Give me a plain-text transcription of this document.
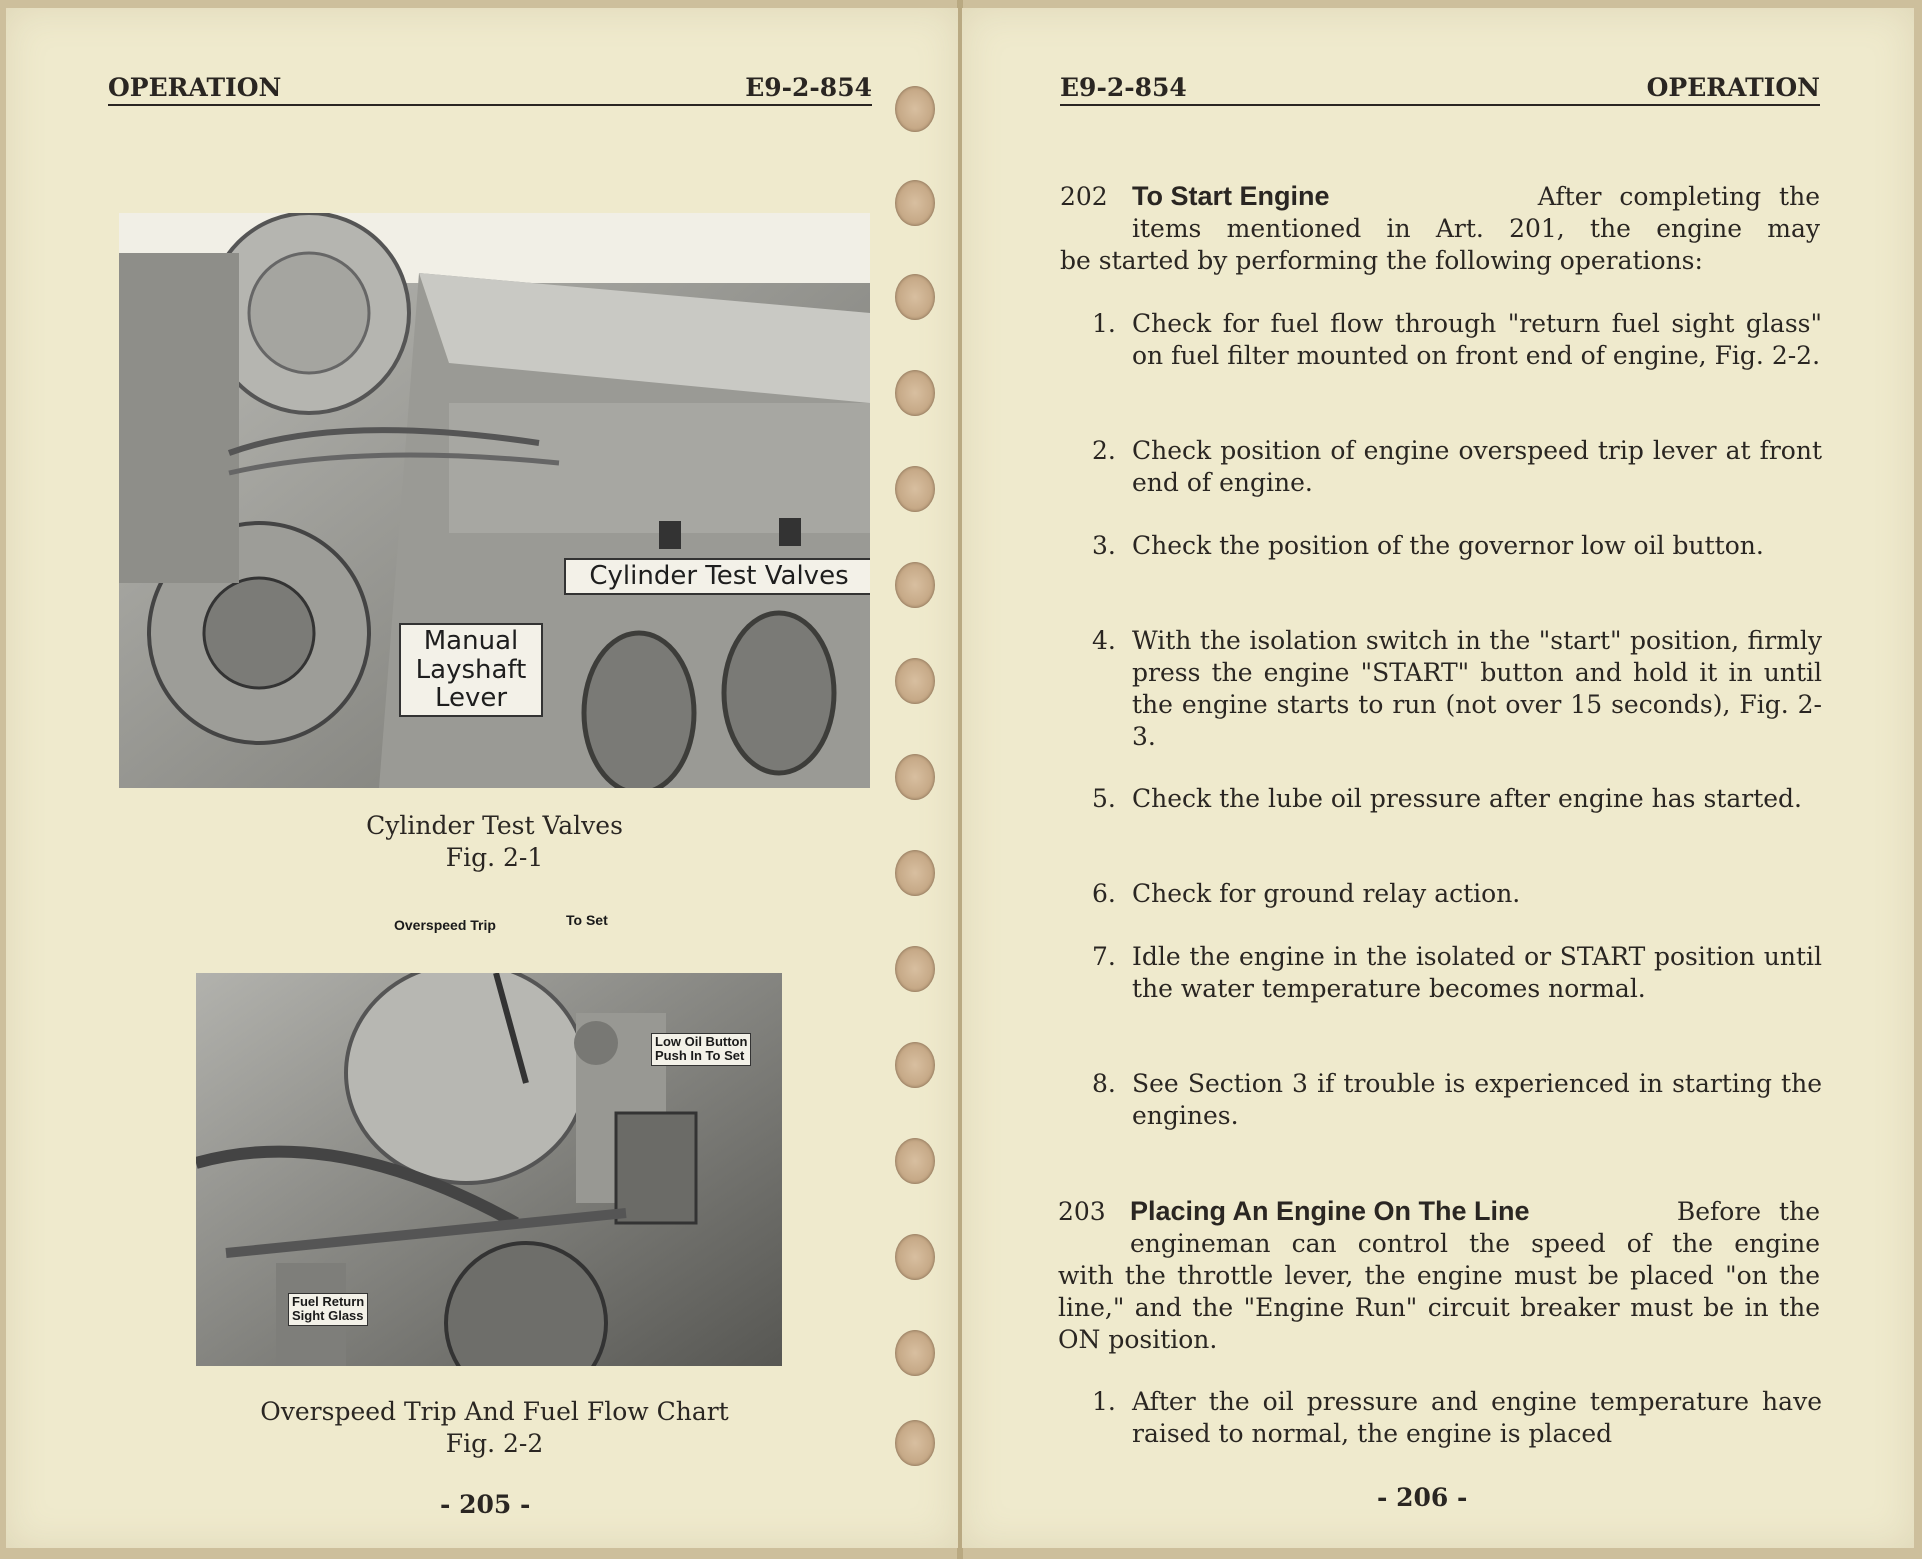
OPERATION	E9-2-854
Cylinder Test Valves
Manual
Layshaft
Lever
Cylinder Test Valves
Fig. 2-1
Overspeed Trip	To Set
Low Oil Button
Push In To Set
Fuel Return
Sight Glass
Overspeed Trip And Fuel Flow Chart
Fig. 2-2
- 205 -
E9-2-854	OPERATION
202 To Start Engine	After completing the
items mentioned in Art. 201, the engine may
be started by performing the following operations:
1. Check for fuel flow through "return fuel sight glass" on fuel filter mounted on front end of engine, Fig. 2-2.
2. Check position of engine overspeed trip lever at front end of engine.
3. Check the position of the governor low oil button.
4. With the isolation switch in the "start" position, firmly press the engine "START" button and hold it in until the engine starts to run (not over 15 seconds), Fig. 2-3.
5. Check the lube oil pressure after engine has started.
6. Check for ground relay action.
7. Idle the engine in the isolated or START position until the water temperature becomes normal.
8. See Section 3 if trouble is experienced in starting the engines.
203 Placing An Engine On The Line	Before the
engineman can control the speed of the engine
with the throttle lever, the engine must be placed "on the line," and the "Engine Run" circuit breaker must be in the ON position.
1. After the oil pressure and engine temperature have raised to normal, the engine is placed
- 206 -
